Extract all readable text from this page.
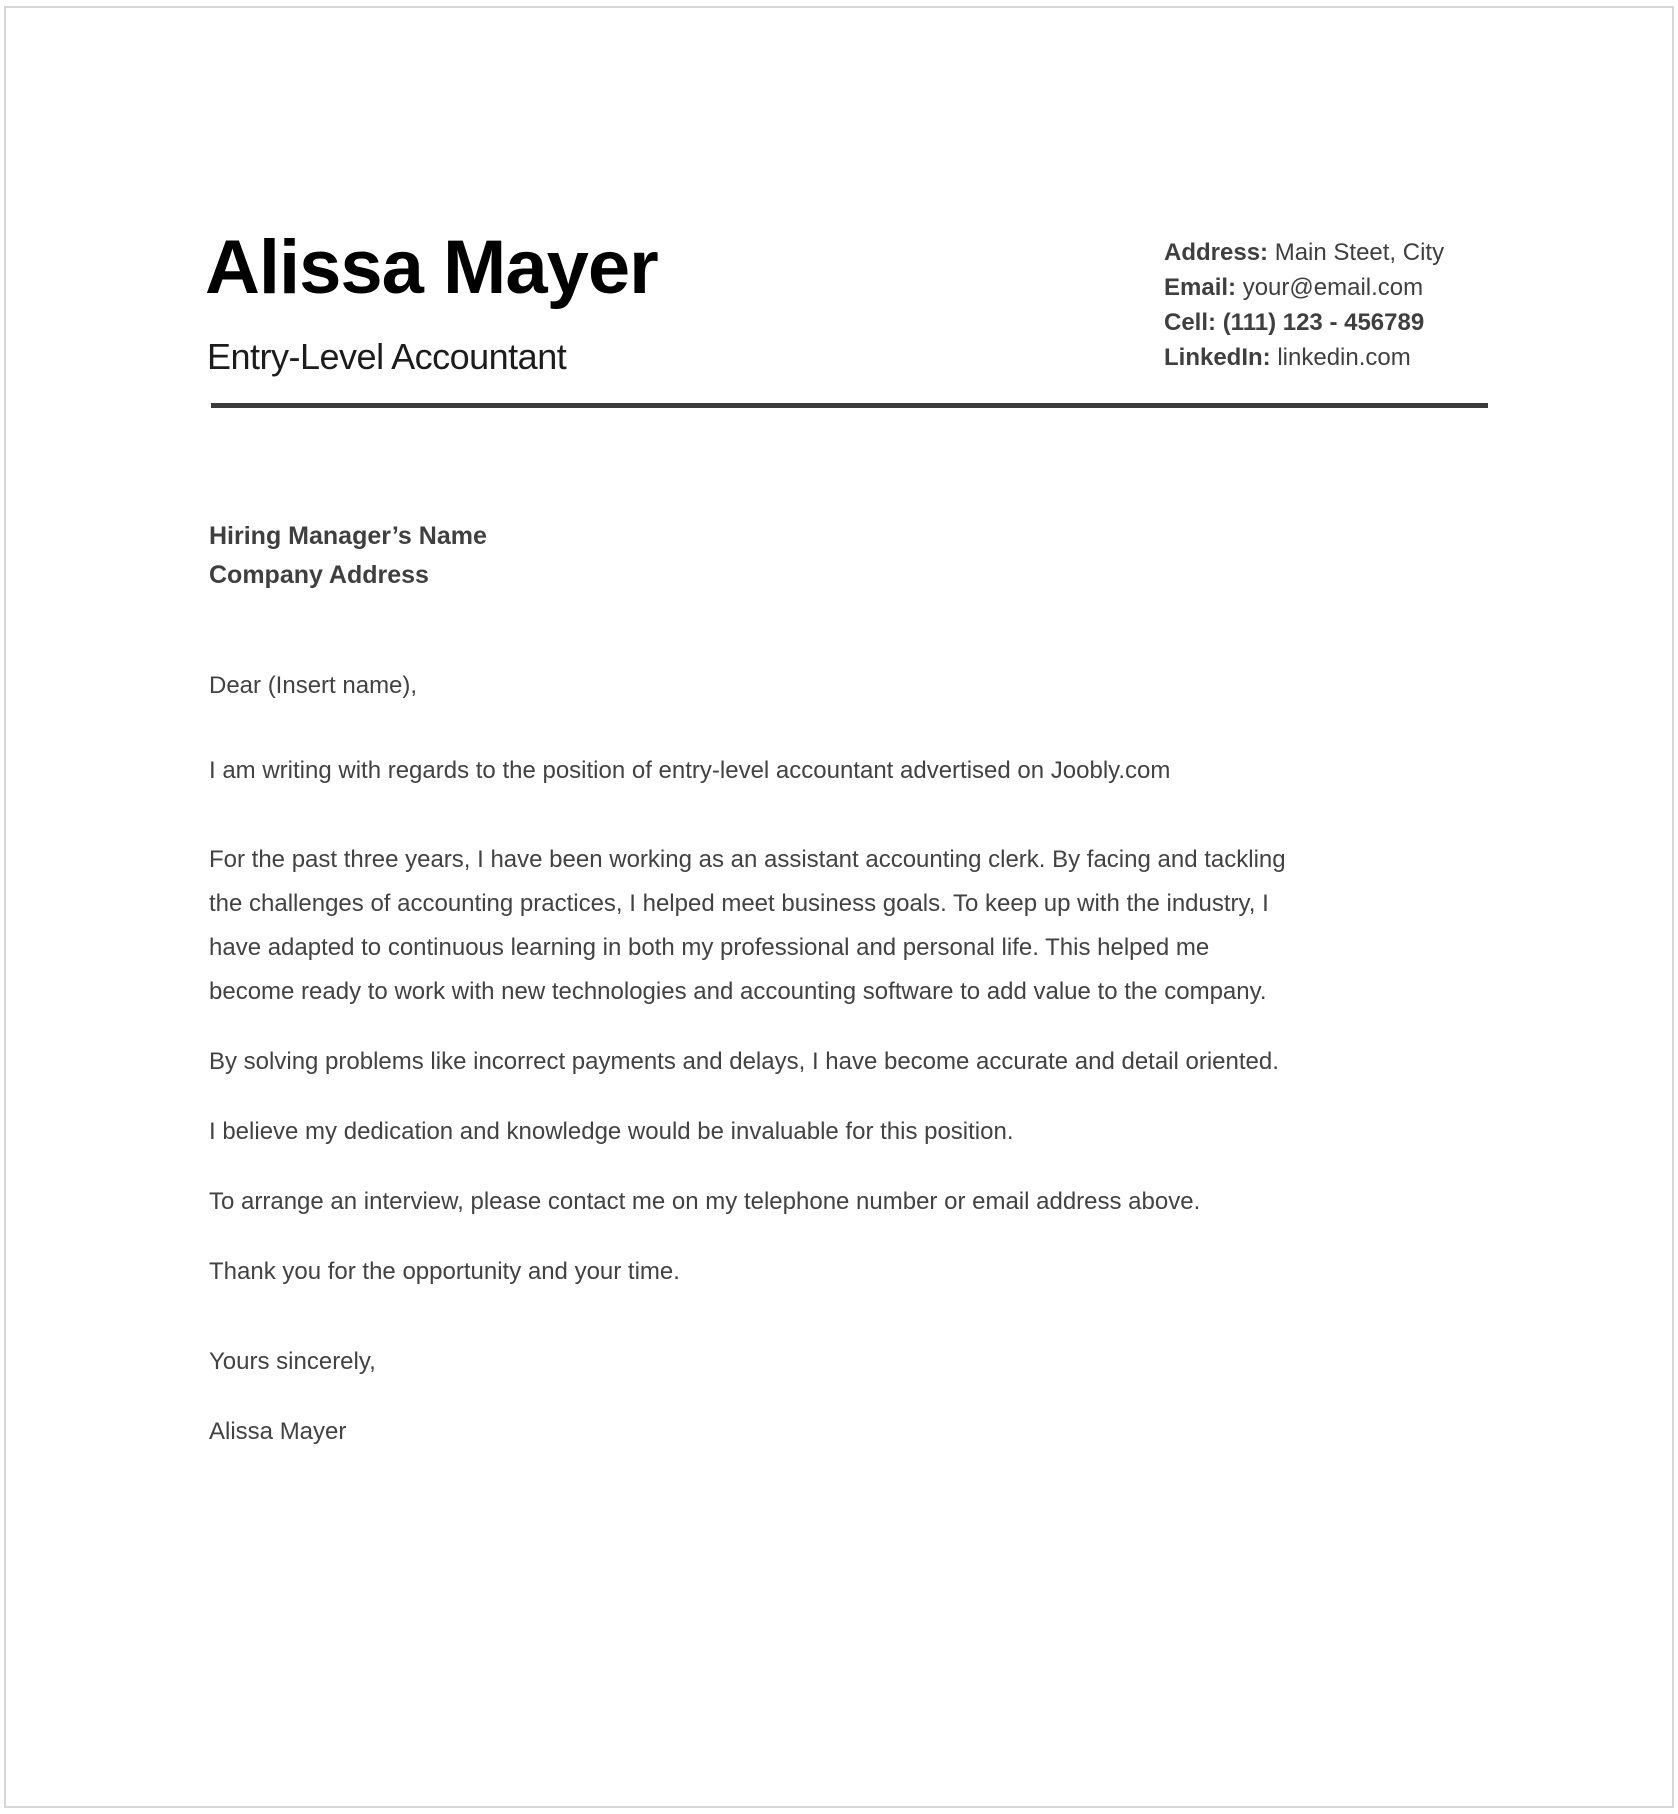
Alissa Mayer
Entry-Level Accountant
Address: Main Steet, City
Email: your@email.com
Cell: (111) 123 - 456789
LinkedIn: linkedin.com
Hiring Manager’s Name
Company Address
Dear (Insert name),
I am writing with regards to the position of entry-level accountant advertised on Joobly.com
For the past three years, I have been working as an assistant accounting clerk. By facing and tackling
the challenges of accounting practices, I helped meet business goals. To keep up with the industry, I
have adapted to continuous learning in both my professional and personal life. This helped me
become ready to work with new technologies and accounting software to add value to the company.
By solving problems like incorrect payments and delays, I have become accurate and detail oriented.
I believe my dedication and knowledge would be invaluable for this position.
To arrange an interview, please contact me on my telephone number or email address above.
Thank you for the opportunity and your time.
Yours sincerely,
Alissa Mayer
